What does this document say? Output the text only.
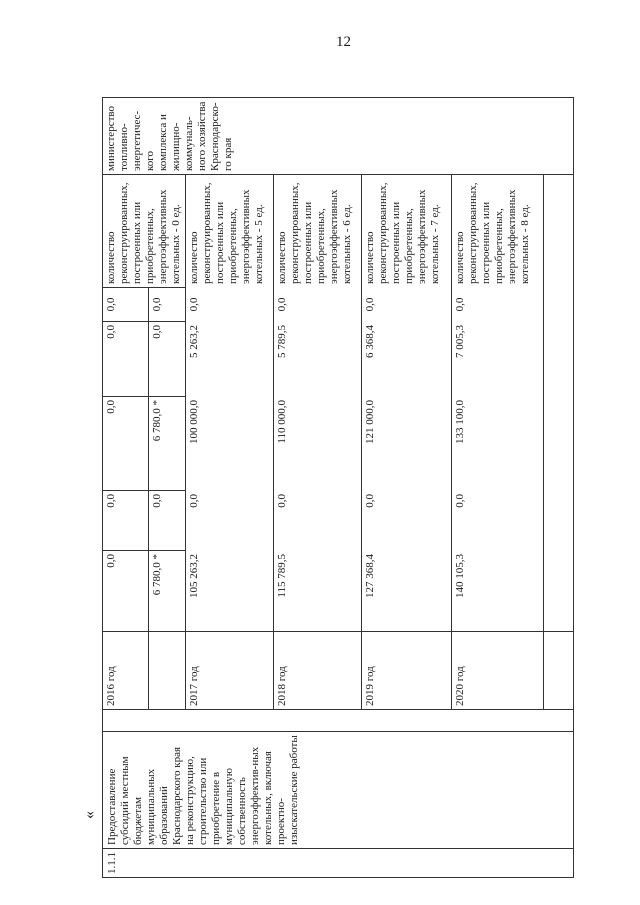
12
«
1.1.1	Предоставление субсидий местным бюджетам муниципальных образований Краснодарского края на реконструкцию, строительство или приобретение в муниципальную собственность энергоэффектив-ных котельных, включая проектно-изыскательские работы		2016 год	0,0	0,0	0,0	0,0	0,0	количество реконструированных, построенных или приобретенных, энергоэффективных котельных - 0 ед.	министерство топливно-энергетичес-кого комплекса и жилищно-коммуналь-ного хозяйства Краснодарско-го края
				6 780,0 *	0,0	6 780,0 *	0,0	0,0		
			2017 год	105 263,2	0,0	100 000,0	5 263,2	0,0	количество реконструированных, построенных или приобретенных, энергоэффективных котельных - 5 ед.	
			2018 год	115 789,5	0,0	110 000,0	5 789,5	0,0	количество реконструированных, построенных или приобретенных, энергоэффективных котельных - 6 ед.	
			2019 год	127 368,4	0,0	121 000,0	6 368,4	0,0	количество реконструированных, построенных или приобретенных, энергоэффективных котельных - 7 ед.	
			2020 год	140 105,3	0,0	133 100,0	7 005,3	0,0	количество реконструированных, построенных или приобретенных, энергоэффективных котельных - 8 ед.	
